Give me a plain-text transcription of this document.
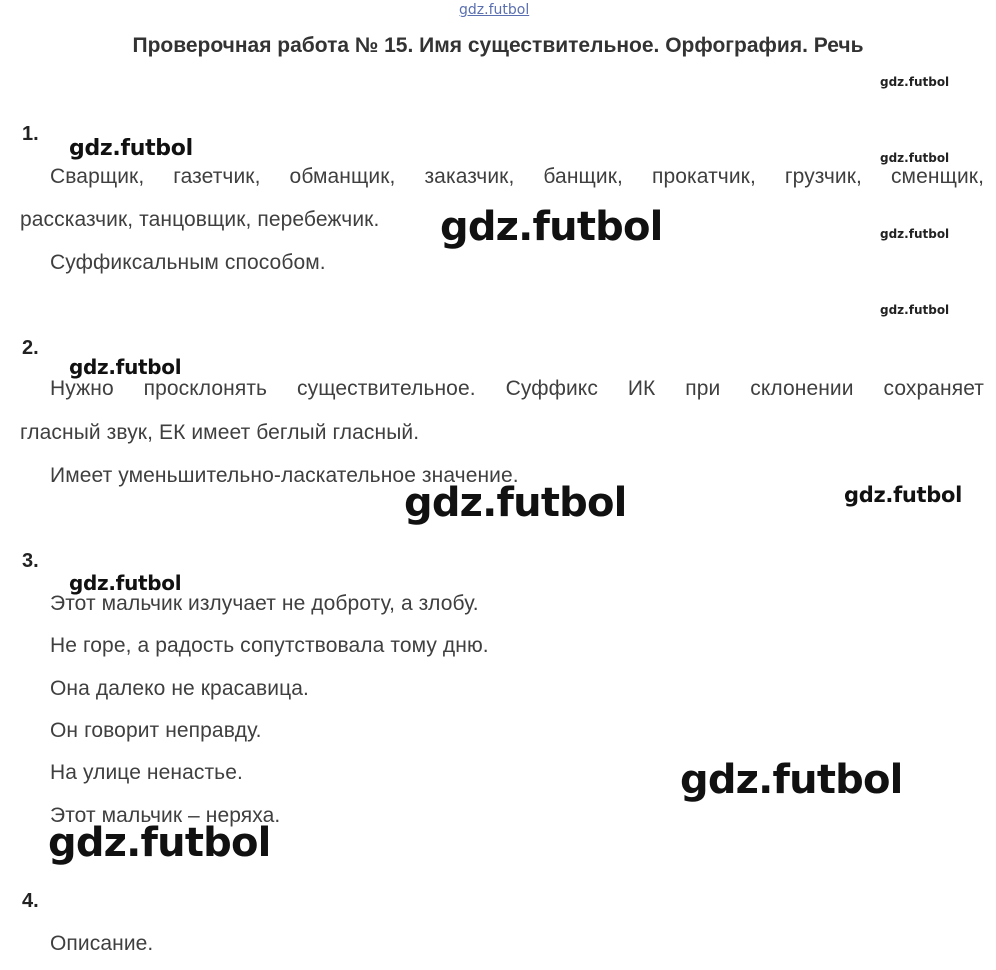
gdz.futbol
Проверочная работа № 15. Имя существительное. Орфография. Речь
1.
Сварщик, газетчик, обманщик, заказчик, банщик, прокатчик, грузчик, сменщик,
рассказчик, танцовщик, перебежчик.
Суффиксальным способом.
2.
Нужно просклонять существительное. Суффикс ИК при склонении сохраняет
гласный звук, ЕК имеет беглый гласный.
Имеет уменьшительно-ласкательное значение.
3.
Этот мальчик излучает не доброту, а злобу.
Не горе, а радость сопутствовала тому дню.
Она далеко не красавица.
Он говорит неправду.
На улице ненастье.
Этот мальчик – неряха.
4.
Описание.
gdz.futbol
gdz.futbol	gdz.futbol
gdz.futbol	gdz.futbol
gdz.futbol
gdz.futbol
gdz.futbol	gdz.futbol
gdz.futbol
gdz.futbol
gdz.futbol
